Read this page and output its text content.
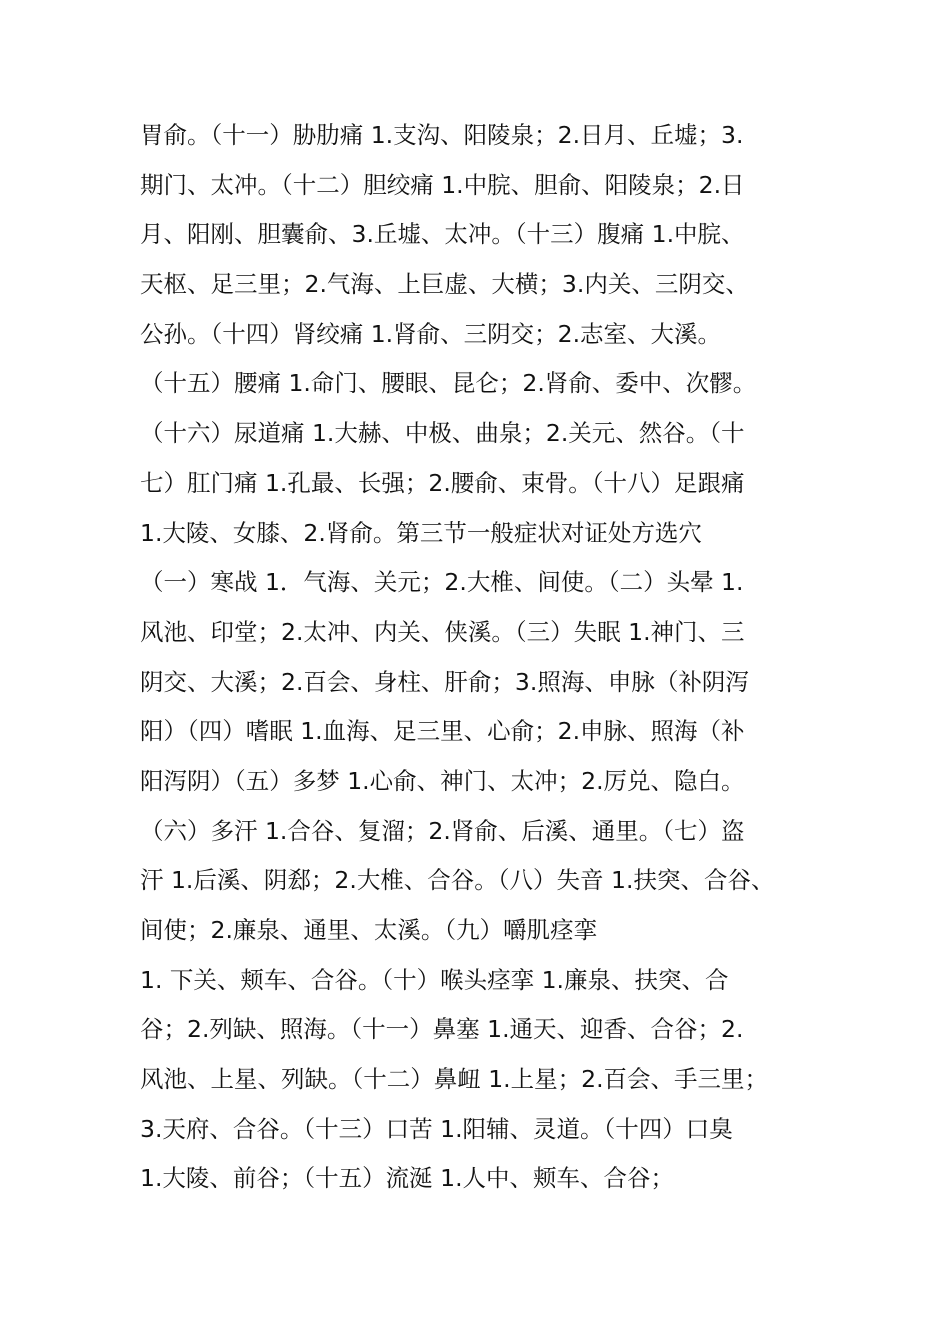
胃俞。（十一）胁肋痛 1.支沟、阳陵泉；2.日月、丘墟；3.
期门、太冲。（十二）胆绞痛 1.中脘、胆俞、阳陵泉；2.日
月、阳刚、胆囊俞、3.丘墟、太冲。（十三）腹痛 1.中脘、
天枢、足三里；2.气海、上巨虚、大横；3.内关、三阴交、
公孙。（十四）肾绞痛 1.肾俞、三阴交；2.志室、大溪。
（十五）腰痛 1.命门、腰眼、昆仑；2.肾俞、委中、次髎。
（十六）尿道痛 1.大赫、中极、曲泉；2.关元、然谷。（十
七）肛门痛 1.孔最、长强；2.腰俞、束骨。（十八）足跟痛
1.大陵、女膝、2.肾俞。第三节一般症状对证处方选穴
（一）寒战 1．气海、关元；2.大椎、间使。（二）头晕 1.
风池、印堂；2.太冲、内关、侠溪。（三）失眠 1.神门、三
阴交、大溪；2.百会、身柱、肝俞；3.照海、申脉（补阴泻
阳）（四）嗜眠 1.血海、足三里、心俞；2.申脉、照海（补
阳泻阴）（五）多梦 1.心俞、神门、太冲；2.厉兑、隐白。
（六）多汗 1.合谷、复溜；2.肾俞、后溪、通里。（七）盗
汗 1.后溪、阴郄；2.大椎、合谷。（八）失音 1.扶突、合谷、
间使；2.廉泉、通里、太溪。（九）嚼肌痉挛
1. 下关、颊车、合谷。（十）喉头痉挛 1.廉泉、扶突、合
谷；2.列缺、照海。（十一）鼻塞 1.通天、迎香、合谷；2.
风池、上星、列缺。（十二）鼻衄 1.上星；2.百会、手三里；
3.天府、合谷。（十三）口苦 1.阳辅、灵道。（十四）口臭
1.大陵、前谷；（十五）流涎 1.人中、颊车、合谷；
